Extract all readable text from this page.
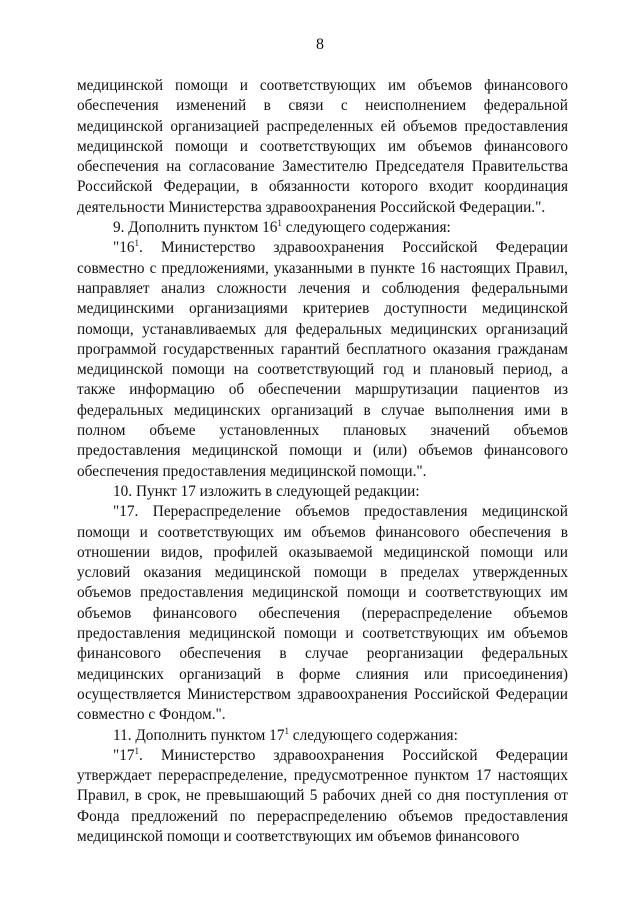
8

медицинской помощи и соответствующих им объемов финансового обеспечения изменений в связи с неисполнением федеральной медицинской организацией распределенных ей объемов предоставления медицинской помощи и соответствующих им объемов финансового обеспечения на согласование Заместителю Председателя Правительства Российской Федерации, в обязанности которого входит координация деятельности Министерства здравоохранения Российской Федерации.".

9. Дополнить пунктом $16^1$ следующего содержания:

"$16^1$. Министерство здравоохранения Российской Федерации совместно с предложениями, указанными в пункте 16 настоящих Правил, направляет анализ сложности лечения и соблюдения федеральными медицинскими организациями критериев доступности медицинской помощи, устанавливаемых для федеральных медицинских организаций программой государственных гарантий бесплатного оказания гражданам медицинской помощи на соответствующий год и плановый период, а также информацию об обеспечении маршрутизации пациентов из федеральных медицинских организаций в случае выполнения ими в полном объеме установленных плановых значений объемов предоставления медицинской помощи и (или) объемов финансового обеспечения предоставления медицинской помощи.".

10. Пункт 17 изложить в следующей редакции:

"17. Перераспределение объемов предоставления медицинской помощи и соответствующих им объемов финансового обеспечения в отношении видов, профилей оказываемой медицинской помощи или условий оказания медицинской помощи в пределах утвержденных объемов предоставления медицинской помощи и соответствующих им объемов финансового обеспечения (перераспределение объемов предоставления медицинской помощи и соответствующих им объемов финансового обеспечения в случае реорганизации федеральных медицинских организаций в форме слияния или присоединения) осуществляется Министерством здравоохранения Российской Федерации совместно с Фондом.".

11. Дополнить пунктом $17^1$ следующего содержания:

"$17^1$. Министерство здравоохранения Российской Федерации утверждает перераспределение, предусмотренное пунктом 17 настоящих Правил, в срок, не превышающий 5 рабочих дней со дня поступления от Фонда предложений по перераспределению объемов предоставления медицинской помощи и соответствующих им объемов финансового
